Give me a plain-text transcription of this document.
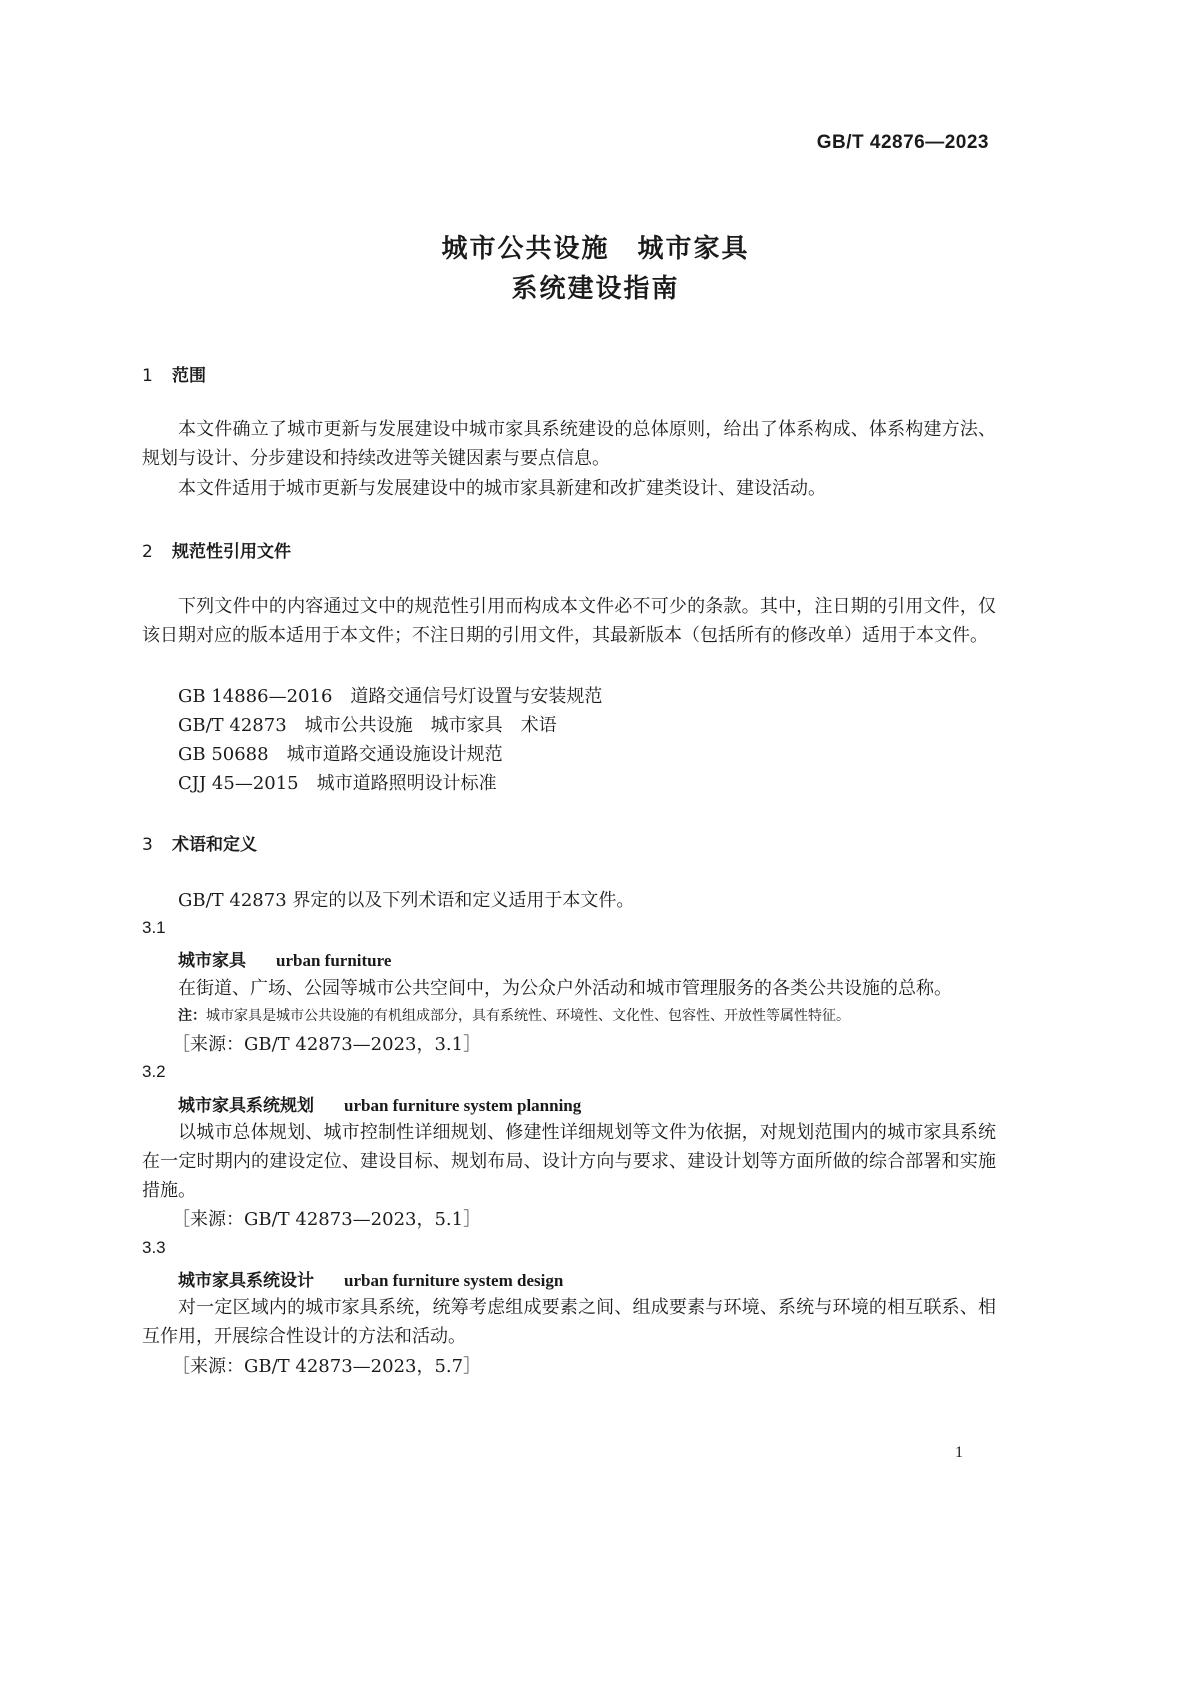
GB/T 42876—2023
城市公共设施　城市家具
系统建设指南
1 范围
本文件确立了城市更新与发展建设中城市家具系统建设的总体原则，给出了体系构成、体系构建方法、规划与设计、分步建设和持续改进等关键因素与要点信息。
本文件适用于城市更新与发展建设中的城市家具新建和改扩建类设计、建设活动。
2 规范性引用文件
下列文件中的内容通过文中的规范性引用而构成本文件必不可少的条款。其中，注日期的引用文件，仅该日期对应的版本适用于本文件；不注日期的引用文件，其最新版本（包括所有的修改单）适用于本文件。
GB 14886—2016 道路交通信号灯设置与安装规范
GB/T 42873 城市公共设施　城市家具　术语
GB 50688 城市道路交通设施设计规范
CJJ 45—2015 城市道路照明设计标准
3 术语和定义
GB/T 42873 界定的以及下列术语和定义适用于本文件。
3.1
城市家具 urban furniture
在街道、广场、公园等城市公共空间中，为公众户外活动和城市管理服务的各类公共设施的总称。
注：城市家具是城市公共设施的有机组成部分，具有系统性、环境性、文化性、包容性、开放性等属性特征。
［来源：GB/T 42873—2023，3.1］
3.2
城市家具系统规划 urban furniture system planning
以城市总体规划、城市控制性详细规划、修建性详细规划等文件为依据，对规划范围内的城市家具系统在一定时期内的建设定位、建设目标、规划布局、设计方向与要求、建设计划等方面所做的综合部署和实施措施。
［来源：GB/T 42873—2023，5.1］
3.3
城市家具系统设计 urban furniture system design
对一定区域内的城市家具系统，统筹考虑组成要素之间、组成要素与环境、系统与环境的相互联系、相互作用，开展综合性设计的方法和活动。
［来源：GB/T 42873—2023，5.7］
1
